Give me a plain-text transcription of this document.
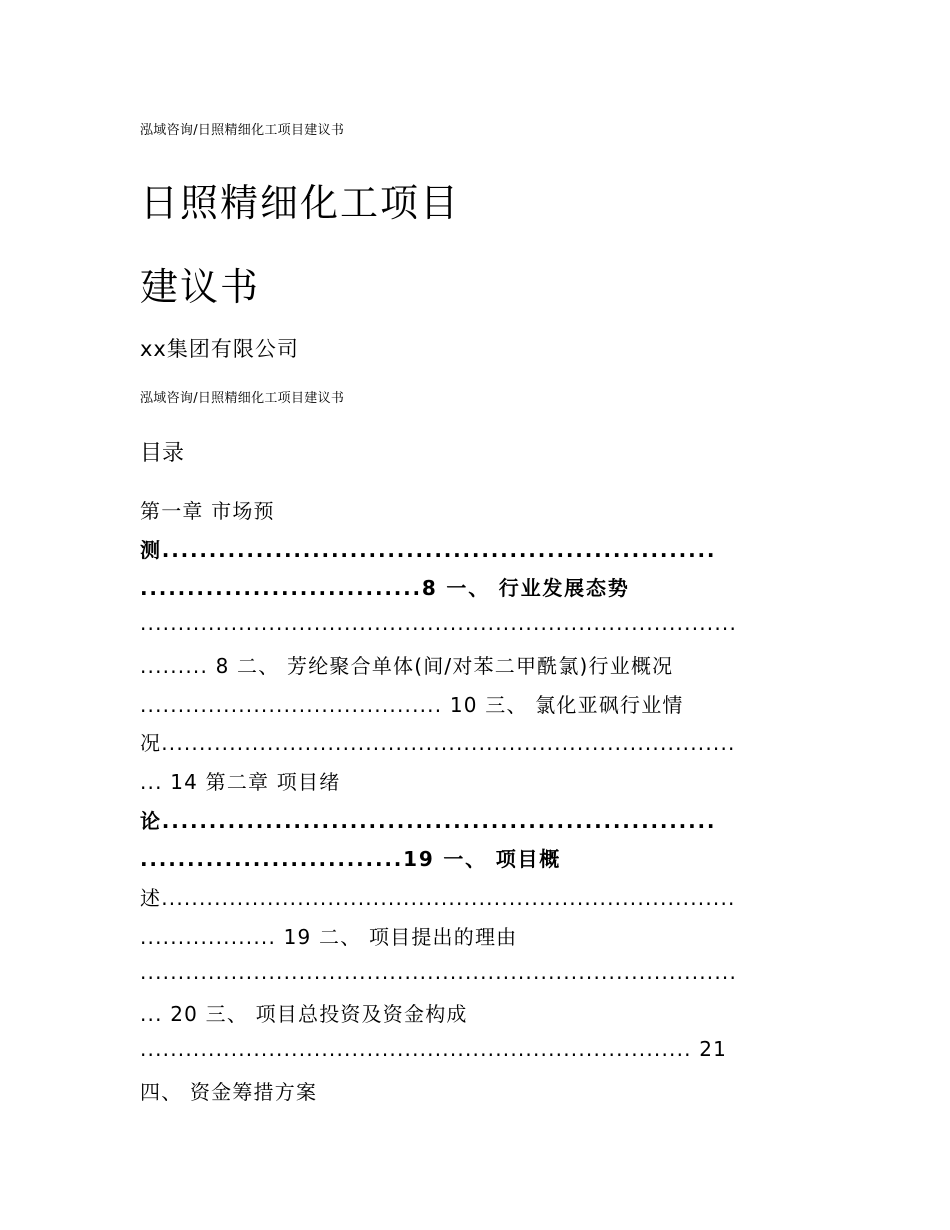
泓域咨询/日照精细化工项目建议书
日照精细化工项目
建议书
xx集团有限公司
泓域咨询/日照精细化工项目建议书
目录
第一章 市场预
测...........................................................
..............................8 一、 行业发展态势
...............................................................................
......... 8 二、 芳纶聚合单体(间/对苯二甲酰氯)行业概况
........................................ 10 三、 氯化亚砜行业情
况............................................................................
... 14 第二章 项目绪
论...........................................................
............................19 一、 项目概
述............................................................................
.................. 19 二、 项目提出的理由
...............................................................................
... 20 三、 项目总投资及资金构成
......................................................................... 21
四、 资金筹措方案
